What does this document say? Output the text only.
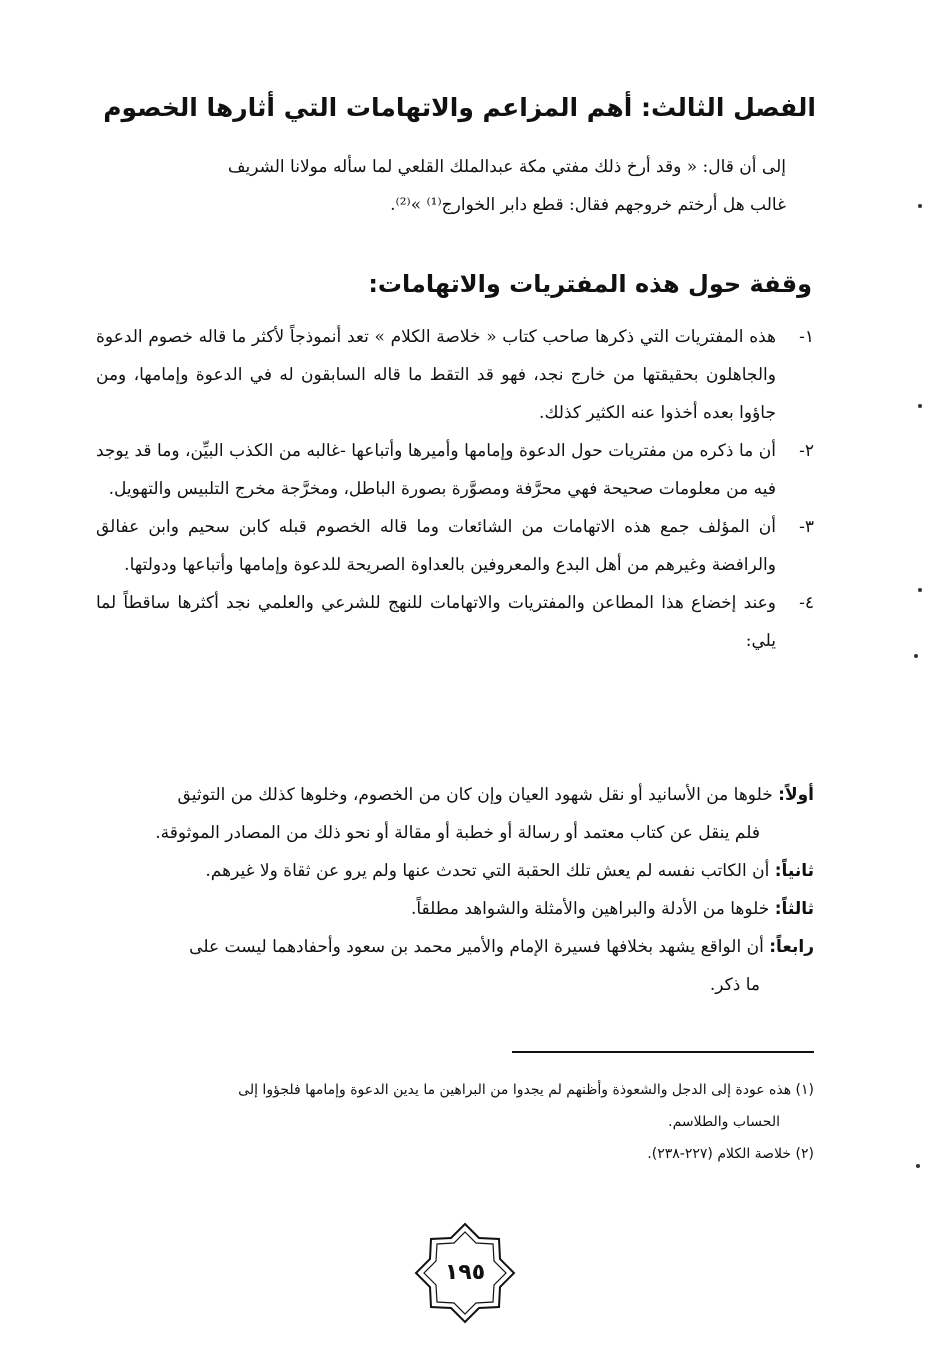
الفصل الثالث: أهم المزاعم والاتهامات التي أثارها الخصوم

إلى أن قال: « وقد أرخ ذلك مفتي مكة عبدالملك القلعي لما سأله مولانا الشريف

غالب هل أرختم خروجهم فقال: قطع دابر الخوارج⁽¹⁾ »⁽²⁾.

وقفة حول هذه المفتريات والاتهامات:
١-
هذه المفتريات التي ذكرها صاحب كتاب « خلاصة الكلام » تعد أنموذجاً لأكثر ما قاله خصوم الدعوة والجاهلون بحقيقتها من خارج نجد، فهو قد التقط ما قاله السابقون له في الدعوة وإمامها، ومن جاؤوا بعده أخذوا عنه الكثير كذلك.
٢-
أن ما ذكره من مفتريات حول الدعوة وإمامها وأميرها وأتباعها -غالبه من الكذب البيِّن، وما قد يوجد فيه من معلومات صحيحة فهي محرَّفة ومصوَّرة بصورة الباطل، ومخرَّجة مخرج التلبيس والتهويل.
٣-
أن المؤلف جمع هذه الاتهامات من الشائعات وما قاله الخصوم قبله كابن سحيم وابن عفالق والرافضة وغيرهم من أهل البدع والمعروفين بالعداوة الصريحة للدعوة وإمامها وأتباعها ودولتها.
٤-
وعند إخضاع هذا المطاعن والمفتريات والاتهامات للنهج للشرعي والعلمي نجد أكثرها ساقطاً لما يلي:

أولاً: خلوها من الأسانيد أو نقل شهود العيان وإن كان من الخصوم، وخلوها كذلك من التوثيق

فلم ينقل عن كتاب معتمد أو رسالة أو خطبة أو مقالة أو نحو ذلك من المصادر الموثوقة.

ثانياً: أن الكاتب نفسه لم يعش تلك الحقبة التي تحدث عنها ولم يرو عن ثقاة ولا غيرهم.

ثالثاً: خلوها من الأدلة والبراهين والأمثلة والشواهد مطلقاً.

رابعاً: أن الواقع يشهد بخلافها فسيرة الإمام والأمير محمد بن سعود وأحفادهما ليست على

ما ذكر.

(١) هذه عودة إلى الدجل والشعوذة وأظنهم لم يجدوا من البراهين ما يدين الدعوة وإمامها فلجؤوا إلى

الحساب والطلاسم.

(٢) خلاصة الكلام (٢٢٧-٢٣٨).

١٩٥
